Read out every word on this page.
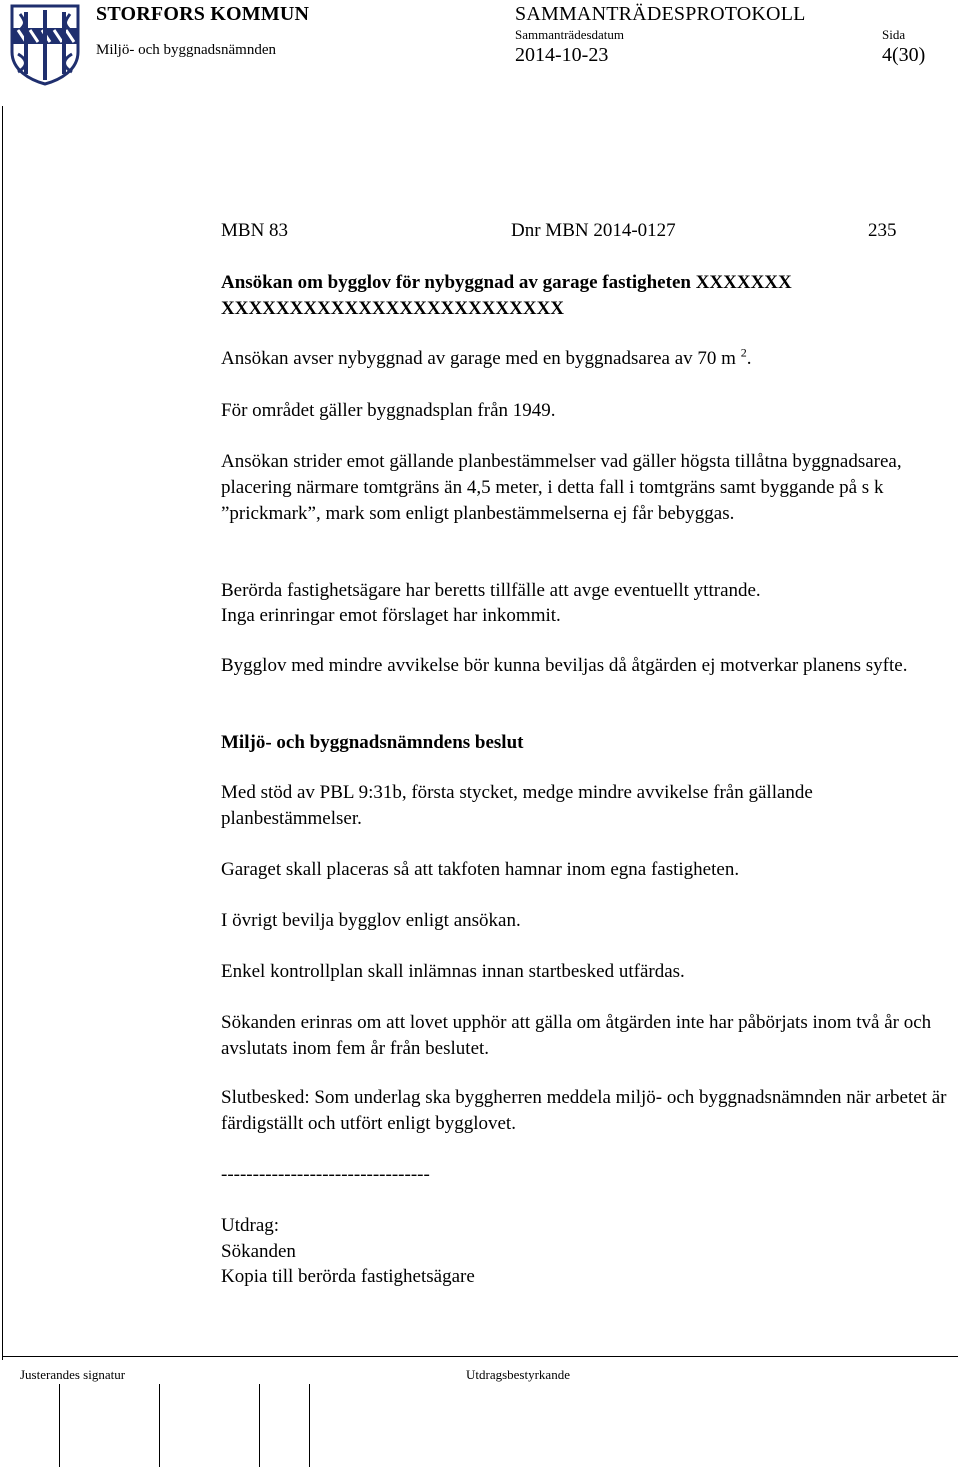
STORFORS KOMMUN
Miljö- och byggnadsnämnden
SAMMANTRÄDESPROTOKOLL
Sammanträdesdatum
2014-10-23
Sida
4(30)
MBN 83	Dnr MBN 2014-0127	235
Ansökan om bygglov för nybyggnad av garage fastigheten XXXXXXX
XXXXXXXXXXXXXXXXXXXXXXXXX
Ansökan avser nybyggnad av garage med en byggnadsarea av 70 m $^2$.
För området gäller byggnadsplan från 1949.
Ansökan strider emot gällande planbestämmelser vad gäller högsta tillåtna byggnadsarea, placering närmare tomtgräns än 4,5 meter, i detta fall i tomtgräns samt byggande på s k ”prickmark”, mark som enligt planbestämmelserna ej får bebyggas.
Berörda fastighetsägare har beretts tillfälle att avge eventuellt yttrande.
Inga erinringar emot förslaget har inkommit.
Bygglov med mindre avvikelse bör kunna beviljas då åtgärden ej motverkar planens syfte.
Miljö- och byggnadsnämndens beslut
Med stöd av PBL 9:31b, första stycket, medge mindre avvikelse från gällande planbestämmelser.
Garaget skall placeras så att takfoten hamnar inom egna fastigheten.
I övrigt bevilja bygglov enligt ansökan.
Enkel kontrollplan skall inlämnas innan startbesked utfärdas.
Sökanden erinras om att lovet upphör att gälla om åtgärden inte har påbörjats inom två år och avslutats inom fem år från beslutet.
Slutbesked: Som underlag ska byggherren meddela miljö- och byggnadsnämnden när arbetet är färdigställt och utfört enligt bygglovet.
---------------------------------
Utdrag:
Sökanden
Kopia till berörda fastighetsägare
Justerandes signatur	Utdragsbestyrkande
